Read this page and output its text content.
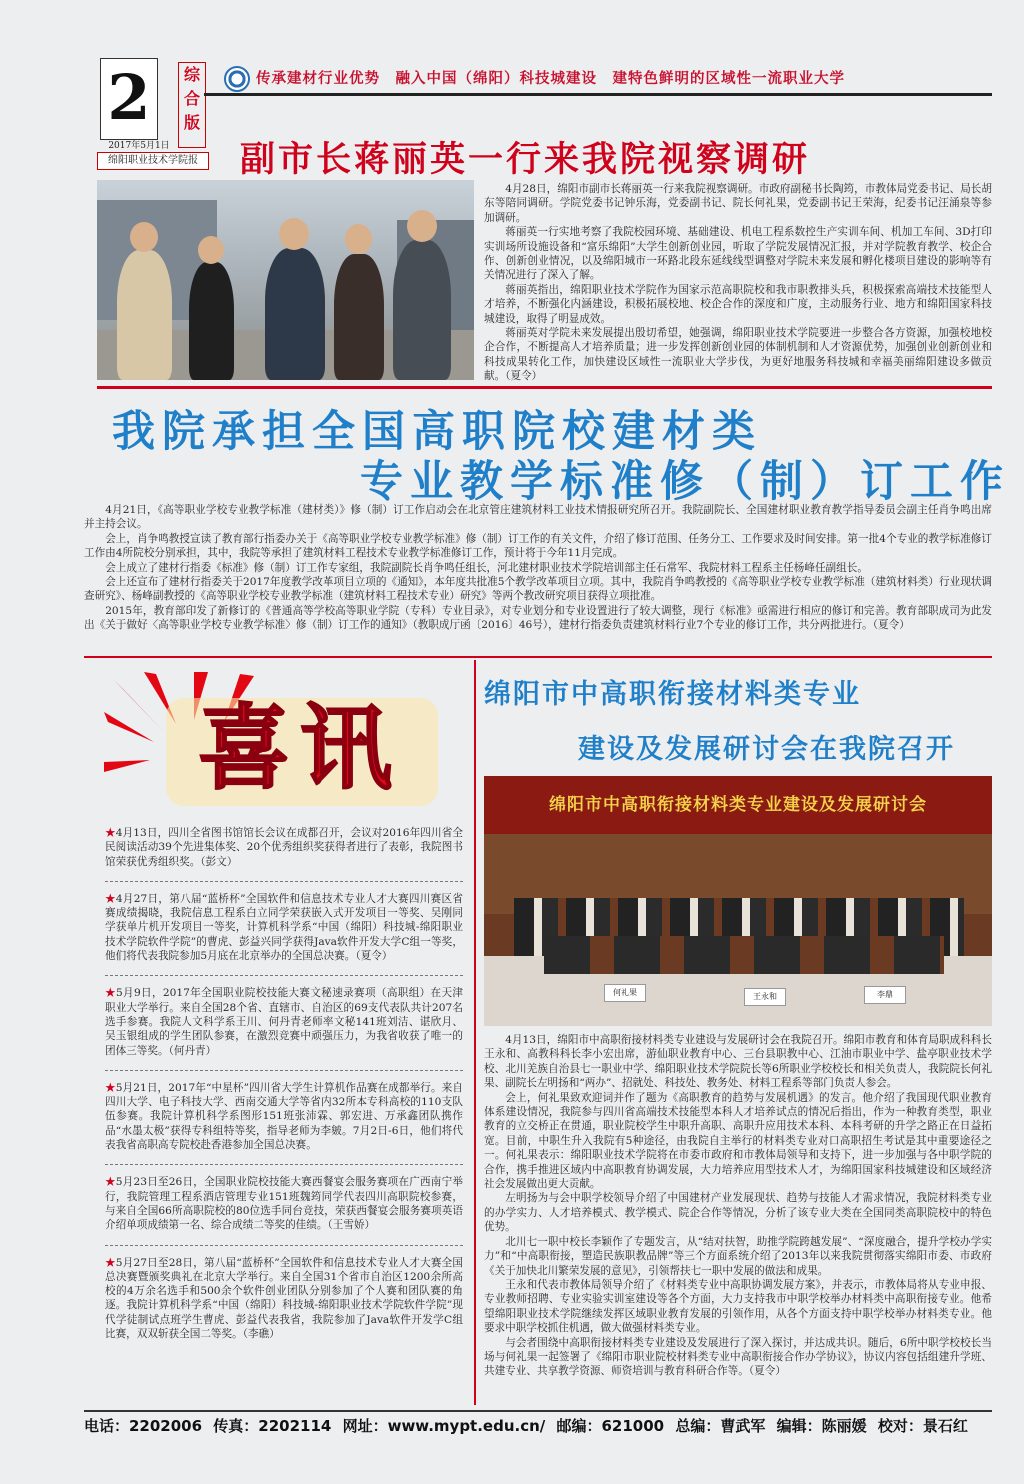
2	综
合
版
2017年5月1日
绵阳职业技术学院报
传承建材行业优势　融入中国（绵阳）科技城建设　建特色鲜明的区域性一流职业大学
副市长蒋丽英一行来我院视察调研

4月28日，绵阳市副市长蒋丽英一行来我院视察调研。市政府副秘书长陶筠，市教体局党委书记、局长胡东等陪同调研。学院党委书记钟乐海，党委副书记、院长何礼果，党委副书记王荣海，纪委书记汪涌泉等参加调研。

蒋丽英一行实地考察了我院校园环境、基础建设、机电工程系数控生产实训车间、机加工车间、3D打印实训场所设施设备和“富乐绵阳”大学生创新创业园，听取了学院发展情况汇报，并对学院教育教学、校企合作、创新创业情况，以及绵阳城市一环路北段东延线线型调整对学院未来发展和孵化楼项目建设的影响等有关情况进行了深入了解。

蒋丽英指出，绵阳职业技术学院作为国家示范高职院校和我市职教排头兵，积极探索高端技术技能型人才培养，不断强化内涵建设，积极拓展校地、校企合作的深度和广度，主动服务行业、地方和绵阳国家科技城建设，取得了明显成效。

蒋丽英对学院未来发展提出殷切希望，她强调，绵阳职业技术学院要进一步整合各方资源，加强校地校企合作，不断提高人才培养质量；进一步发挥创新创业园的体制机制和人才资源优势，加强创业创新创业和科技成果转化工作，加快建设区域性一流职业大学步伐，为更好地服务科技城和幸福美丽绵阳建设多做贡献。（夏令）

我院承担全国高职院校建材类
专业教学标准修（制）订工作

4月21日，《高等职业学校专业教学标准（建材类）》修（制）订工作启动会在北京管庄建筑材料工业技术情报研究所召开。我院副院长、全国建材职业教育教学指导委员会副主任肖争鸣出席并主持会议。

会上，肖争鸣教授宣读了教育部行指委办关于《高等职业学校专业教学标准》修（制）订工作的有关文件，介绍了修订范围、任务分工、工作要求及时间安排。第一批4个专业的教学标准修订工作由4所院校分别承担，其中，我院等承担了建筑材料工程技术专业教学标准修订工作，预计将于今年11月完成。

会上成立了建材行指委《标准》修（制）订工作专家组，我院副院长肖争鸣任组长，河北建材职业技术学院培训部主任石常军、我院材料工程系主任杨峰任副组长。

会上还宣布了建材行指委关于2017年度教学改革项目立项的《通知》，本年度共批准5个教学改革项目立项。其中，我院肖争鸣教授的《高等职业学校专业教学标准（建筑材料类）行业现状调查研究》、杨峰副教授的《高等职业学校专业教学标准（建筑材料工程技术专业）研究》等两个教改研究项目获得立项批准。

2015年，教育部印发了新修订的《普通高等学校高等职业学院（专科）专业目录》，对专业划分和专业设置进行了较大调整，现行《标准》亟需进行相应的修订和完善。教育部职成司为此发出《关于做好〈高等职业学校专业教学标准〉修（制）订工作的通知》（教职成厅函〔2016〕46号），建材行指委负责建筑材料行业7个专业的修订工作，共分两批进行。（夏令）

喜讯
★4月13日，四川全省图书馆馆长会议在成都召开，会议对2016年四川省全民阅读活动39个先进集体奖、20个优秀组织奖获得者进行了表彰，我院图书馆荣获优秀组织奖。（彭文）
★4月27日，第八届“蓝桥杯”全国软件和信息技术专业人才大赛四川赛区省赛成绩揭晓，我院信息工程系白立同学荣获嵌入式开发项目一等奖、吴刚同学获单片机开发项目一等奖，计算机科学系“中国（绵阳）科技城-绵阳职业技术学院软件学院”的曹虎、彭益兴同学获得Java软件开发大学C组一等奖，他们将代表我院参加5月底在北京举办的全国总决赛。（夏令）
★5月9日，2017年全国职业院校技能大赛文秘速录赛项（高职组）在天津职业大学举行。来自全国28个省、直辖市、自治区的69支代表队共计207名选手参赛。我院人文科学系王川、何丹青老师率文秘141班刘洁、谌欣月、吴玉银组成的学生团队参赛，在激烈竞赛中顽强压力，为我省收获了唯一的团体三等奖。（何丹青）
★5月21日，2017年“中星杯”四川省大学生计算机作品赛在成都举行。来自四川大学、电子科技大学、西南交通大学等省内32所本专科高校的110支队伍参赛。我院计算机科学系图形151班张沛霖、郭宏进、万承鑫团队携作品“水墨太极”获得专科组特等奖，指导老师为李皴。7月2日-6日，他们将代表我省高职高专院校赴香港参加全国总决赛。
★5月23日至26日，全国职业院校技能大赛西餐宴会服务赛项在广西南宁举行，我院管理工程系酒店管理专业151班魏筠同学代表四川高职院校参赛，与来自全国66所高职院校的80位选手同台竞技，荣获西餐宴会服务赛项英语介绍单项成绩第一名、综合成绩二等奖的佳绩。（王雪娇）
★5月27日至28日，第八届“蓝桥杯”全国软件和信息技术专业人才大赛全国总决赛暨颁奖典礼在北京大学举行。来自全国31个省市自治区1200余所高校的4万余名选手和500余个软件创业团队分别参加了个人赛和团队赛的角逐。我院计算机科学系“中国（绵阳）科技城-绵阳职业技术学院软件学院”现代学徒制试点班学生曹虎、彭益代表我省，我院参加了Java软件开发学C组比赛，双双斩获全国二等奖。（李礁）
绵阳市中高职衔接材料类专业
建设及发展研讨会在我院召开
绵阳市中高职衔接材料类专业建设及发展研讨会
何礼果	王永和	李鼎

4月13日，绵阳市中高职衔接材料类专业建设与发展研讨会在我院召开。绵阳市教育和体育局职成科科长王永和、高教科科长李小宏出席，游仙职业教育中心、三台县职教中心、江油市职业中学、盐亭职业技术学校、北川羌族自治县七一职业中学、绵阳职业技术学院院长等6所职业学校校长和相关负责人，我院院长何礼果、副院长左明扬和“两办”、招就处、科技处、教务处、材料工程系等部门负责人参会。

会上，何礼果致欢迎词并作了题为《高职教育的趋势与发展机遇》的发言。他介绍了我国现代职业教育体系建设情况，我院参与四川省高端技术技能型本科人才培养试点的情况后指出，作为一种教育类型，职业教育的立交桥正在贯通，职业院校学生中职升高职、高职升应用技术本科、本科考研的升学之路正在日益拓宽。目前，中职生升入我院有5种途径，由我院自主举行的材料类专业对口高职招生考试是其中重要途径之一。何礼果表示：绵阳职业技术学院将在市委市政府和市教体局领导和支持下，进一步加强与各中职学院的合作，携手推进区域内中高职教育协调发展，大力培养应用型技术人才，为绵阳国家科技城建设和区域经济社会发展做出更大贡献。

左明扬为与会中职学校领导介绍了中国建材产业发展现状、趋势与技能人才需求情况，我院材料类专业的办学实力、人才培养模式、教学模式、院企合作等情况，分析了该专业大类在全国同类高职院校中的特色优势。

北川七一职中校长李颖作了专题发言，从“结对扶智，助推学院跨越发展”、“深度融合，提升学校办学实力”和“中高职衔接，塑造民族职教品牌”等三个方面系统介绍了2013年以来我院贯彻落实绵阳市委、市政府《关于加快北川繁荣发展的意见》，引领帮扶七一职中发展的做法和成果。

王永和代表市教体局领导介绍了《材料类专业中高职协调发展方案》，并表示，市教体局将从专业申报、专业教师招聘、专业实验实训室建设等各个方面，大力支持我市中职学校举办材料类中高职衔接专业。他希望绵阳职业技术学院继续发挥区域职业教育发展的引领作用，从各个方面支持中职学校举办材料类专业。他要求中职学校抓住机遇，做大做强材料类专业。

与会者围绕中高职衔接材料类专业建设及发展进行了深入探讨，并达成共识。随后，6所中职学校校长当场与何礼果一起签署了《绵阳市职业院校材料类专业中高职衔接合作办学协议》，协议内容包括组建升学班、共建专业、共享教学资源、师资培训与教育科研合作等。（夏令）

电话：2202006 传真：2202114 网址：www.mypt.edu.cn/ 邮编：621000 总编：曹武军 编辑：陈丽媛 校对：景石红
